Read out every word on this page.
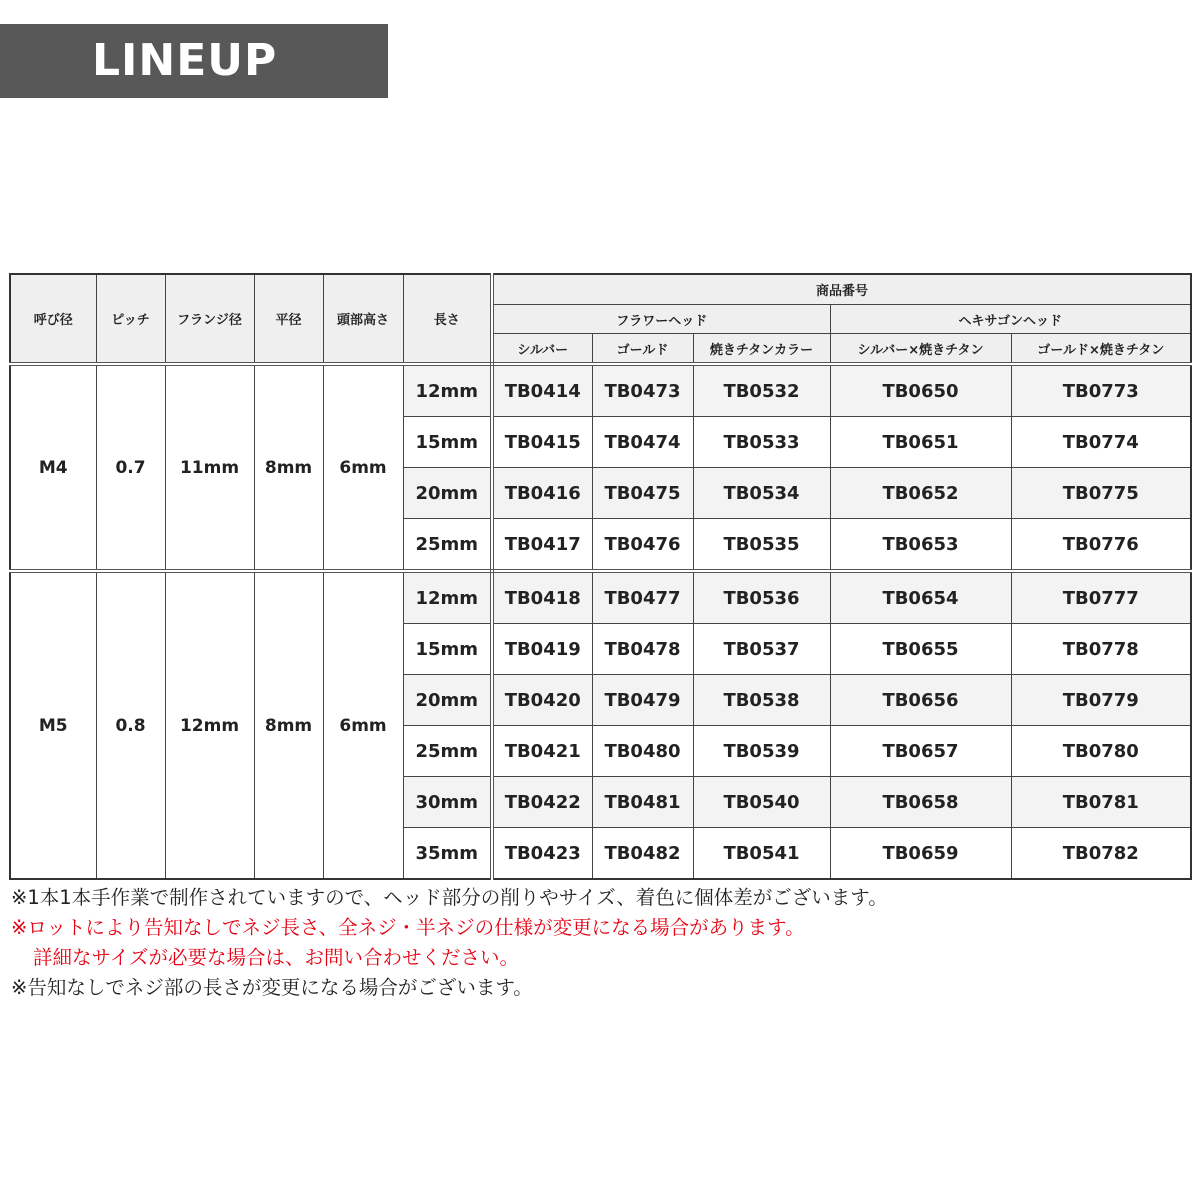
LINEUP
呼び径	ピッチ	フランジ径	平径	頭部高さ	長さ	商品番号				
						フラワーヘッド			ヘキサゴンヘッド	
						シルバー	ゴールド	焼きチタンカラー	シルバー×焼きチタン	ゴールド×焼きチタン
M4	0.7	11mm	8mm	6mm	12mm	TB0414	TB0473	TB0532	TB0650	TB0773
					15mm	TB0415	TB0474	TB0533	TB0651	TB0774
					20mm	TB0416	TB0475	TB0534	TB0652	TB0775
					25mm	TB0417	TB0476	TB0535	TB0653	TB0776
M5	0.8	12mm	8mm	6mm	12mm	TB0418	TB0477	TB0536	TB0654	TB0777
					15mm	TB0419	TB0478	TB0537	TB0655	TB0778
					20mm	TB0420	TB0479	TB0538	TB0656	TB0779
					25mm	TB0421	TB0480	TB0539	TB0657	TB0780
					30mm	TB0422	TB0481	TB0540	TB0658	TB0781
					35mm	TB0423	TB0482	TB0541	TB0659	TB0782

※1本1本手作業で制作されていますので、ヘッド部分の削りやサイズ、着色に個体差がございます。

※ロットにより告知なしでネジ長さ、全ネジ・半ネジの仕様が変更になる場合があります。

詳細なサイズが必要な場合は、お問い合わせください。

※告知なしでネジ部の長さが変更になる場合がございます。
